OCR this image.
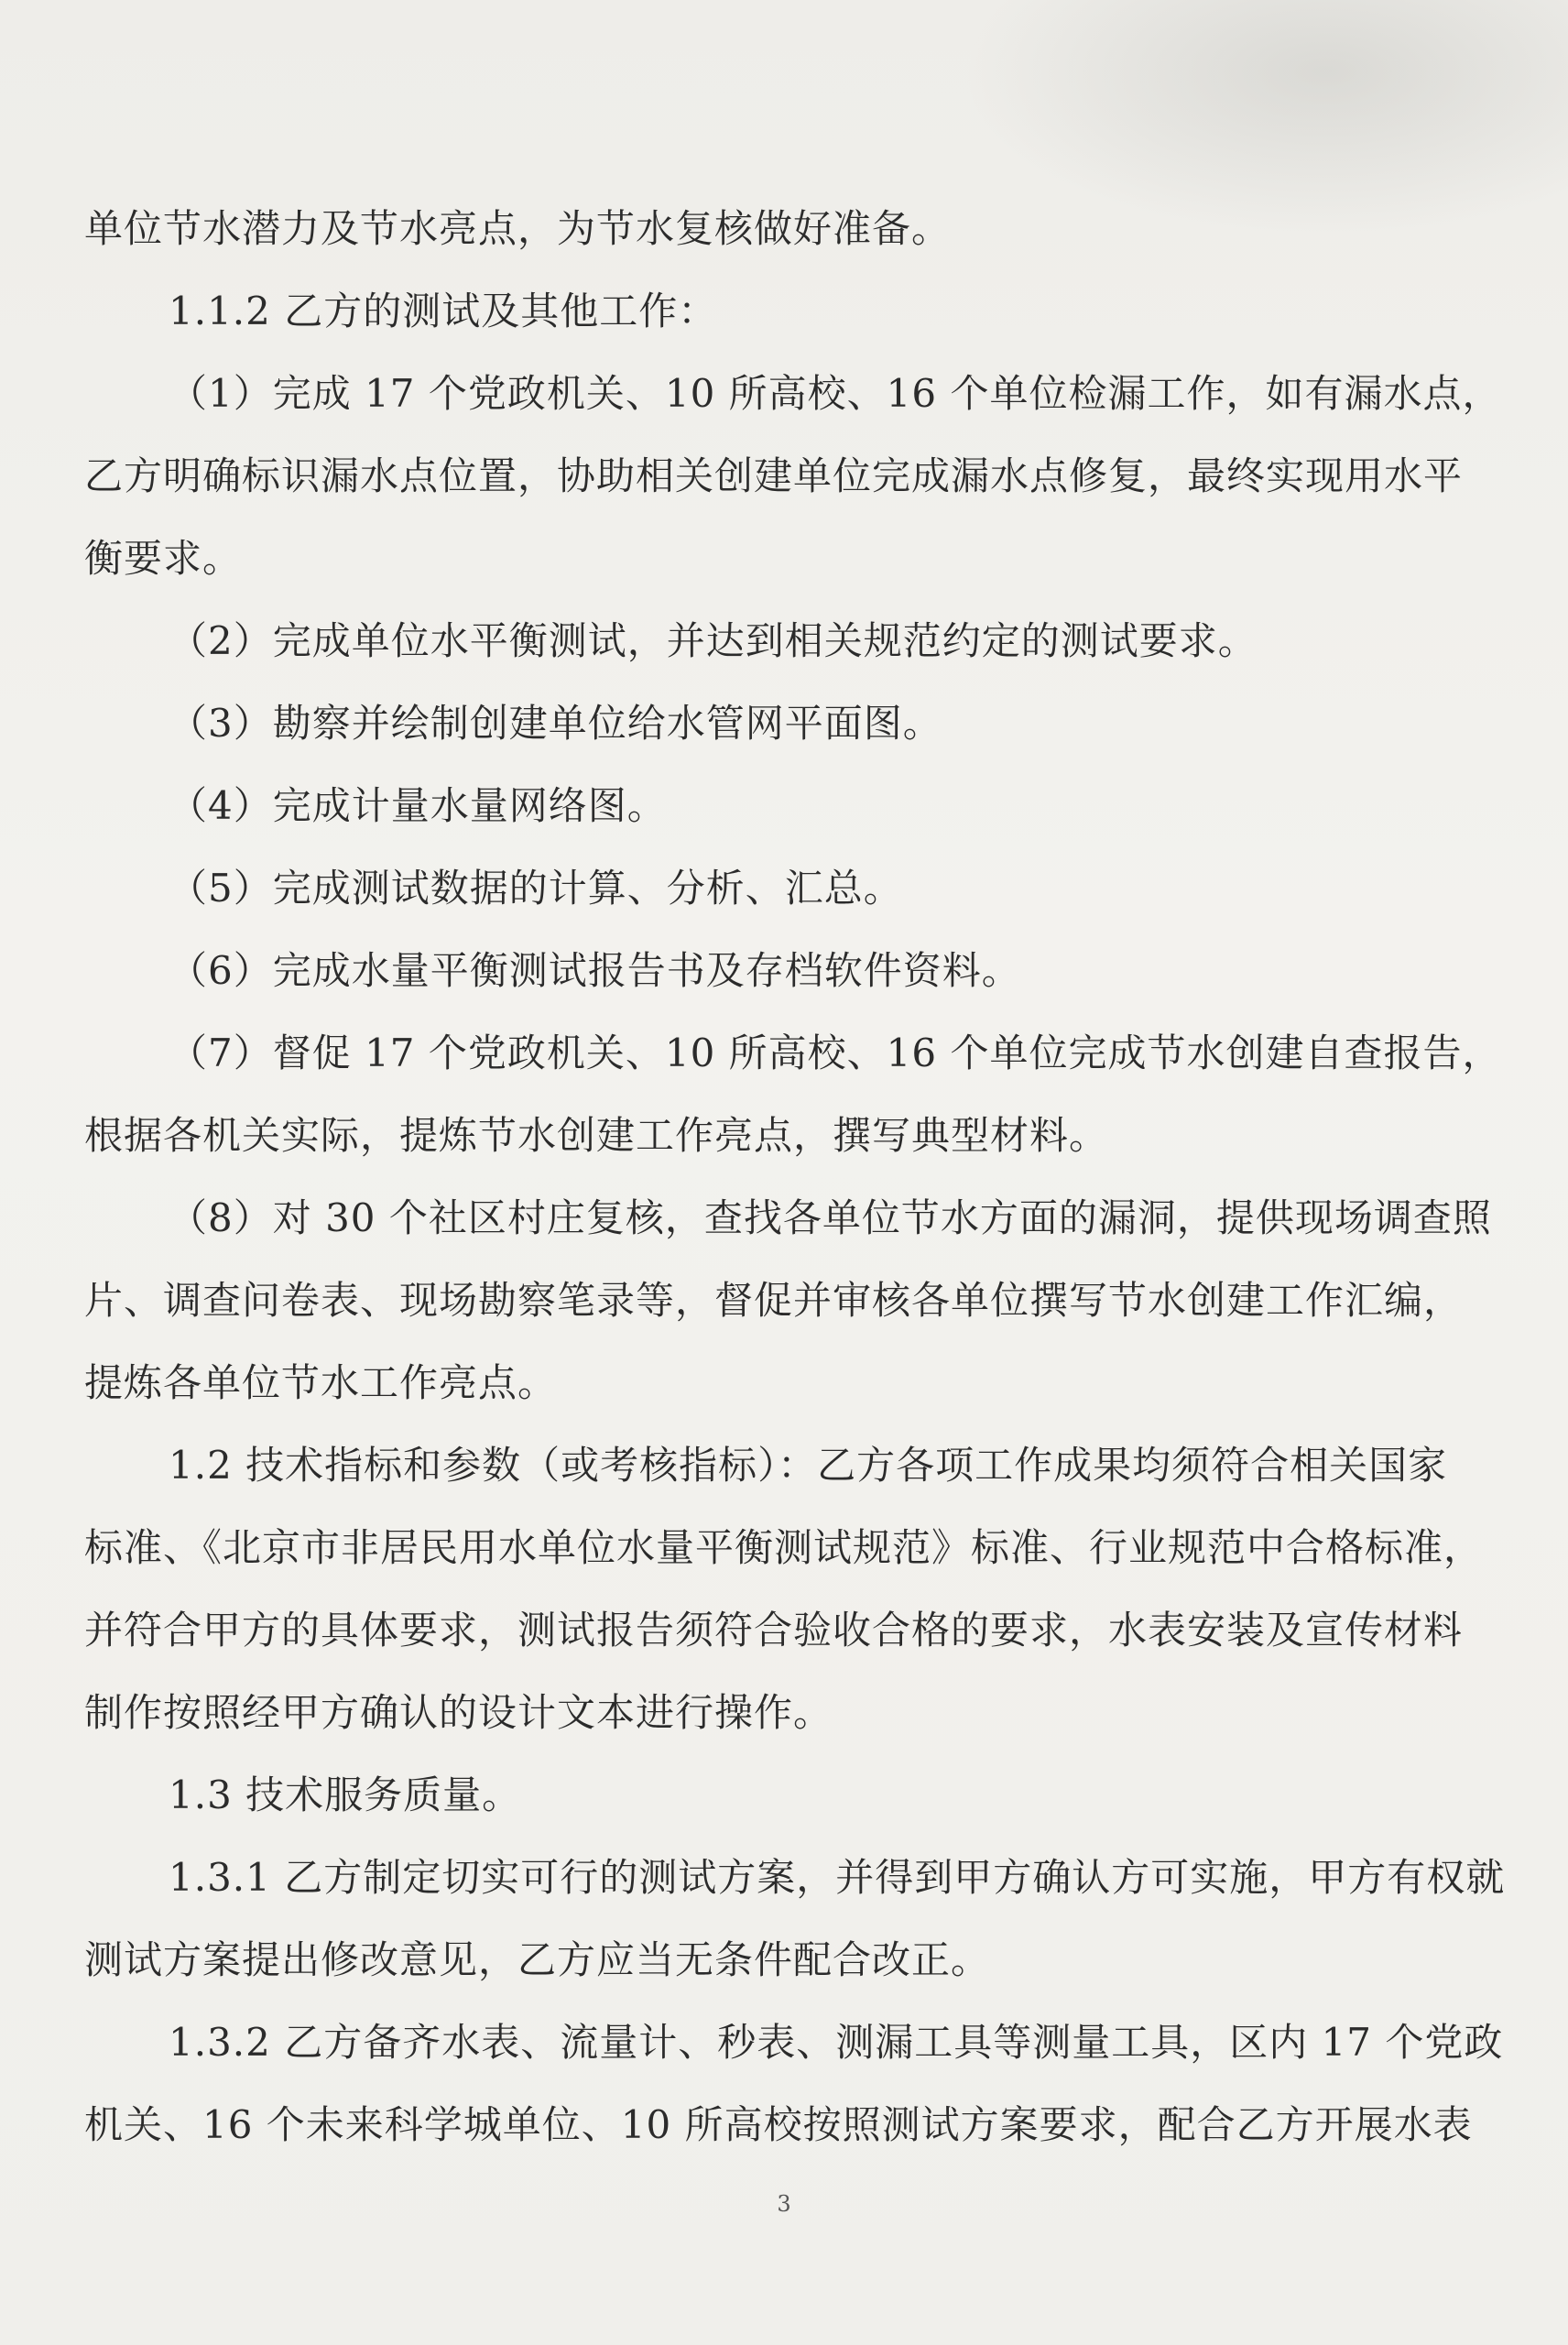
单位节水潜力及节水亮点，为节水复核做好准备。
1.1.2 乙方的测试及其他工作：
（1）完成 17 个党政机关、10 所高校、16 个单位检漏工作，如有漏水点，
乙方明确标识漏水点位置，协助相关创建单位完成漏水点修复，最终实现用水平
衡要求。
（2）完成单位水平衡测试，并达到相关规范约定的测试要求。
（3）勘察并绘制创建单位给水管网平面图。
（4）完成计量水量网络图。
（5）完成测试数据的计算、分析、汇总。
（6）完成水量平衡测试报告书及存档软件资料。
（7）督促 17 个党政机关、10 所高校、16 个单位完成节水创建自查报告，
根据各机关实际，提炼节水创建工作亮点，撰写典型材料。
（8）对 30 个社区村庄复核，查找各单位节水方面的漏洞，提供现场调查照
片、调查问卷表、现场勘察笔录等，督促并审核各单位撰写节水创建工作汇编，
提炼各单位节水工作亮点。
1.2 技术指标和参数（或考核指标）：乙方各项工作成果均须符合相关国家
标准、《北京市非居民用水单位水量平衡测试规范》标准、行业规范中合格标准，
并符合甲方的具体要求，测试报告须符合验收合格的要求，水表安装及宣传材料
制作按照经甲方确认的设计文本进行操作。
1.3 技术服务质量。
1.3.1 乙方制定切实可行的测试方案，并得到甲方确认方可实施，甲方有权就
测试方案提出修改意见，乙方应当无条件配合改正。
1.3.2 乙方备齐水表、流量计、秒表、测漏工具等测量工具，区内 17 个党政
机关、16 个未来科学城单位、10 所高校按照测试方案要求，配合乙方开展水表
3
